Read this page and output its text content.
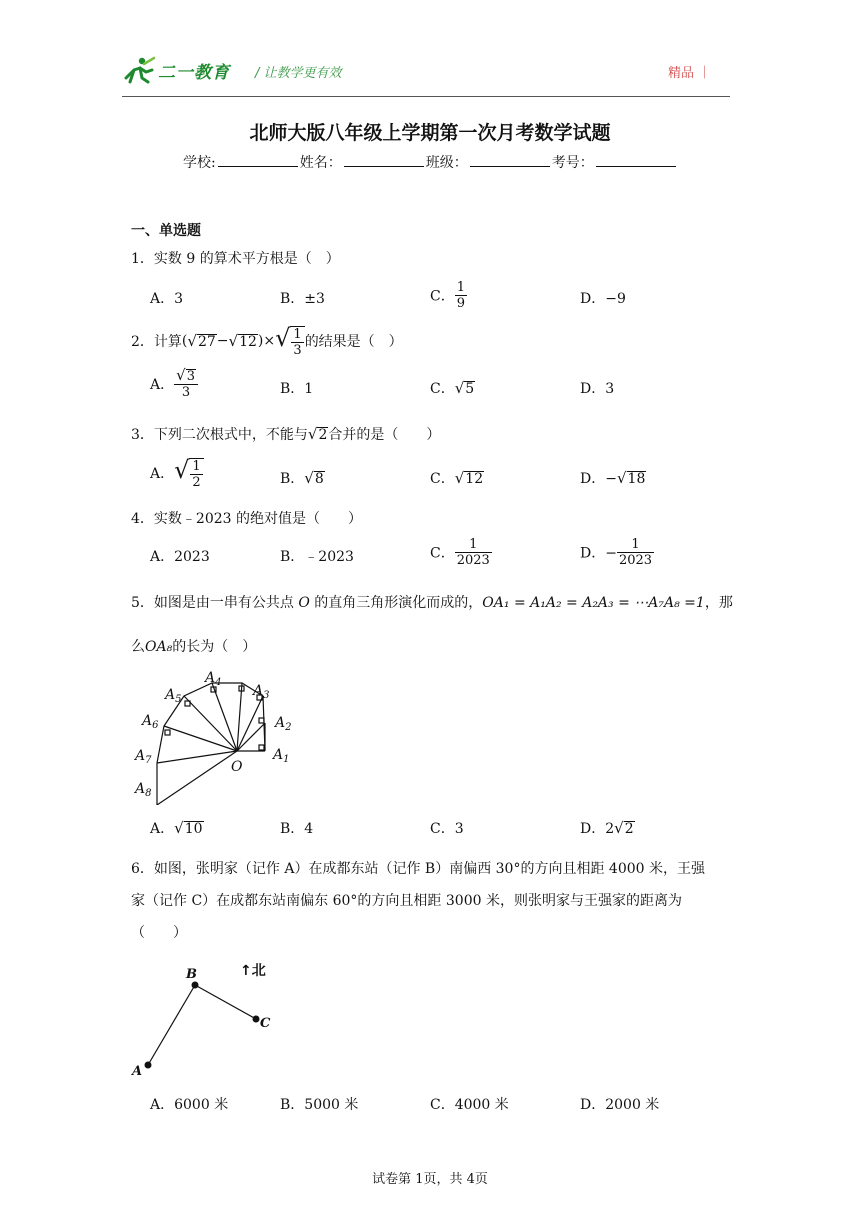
二一教育 / 让教学更有效	精品 ｜
北师大版八年级上学期第一次月考数学试题
学校:	姓名：	班级：	考号：
一、单选题
1．实数 9 的算术平方根是（　）
A．3	B．±3	C． $\frac{1}{9}$	D．−9
2．计算$(√27-√12)\times√ \frac{1}{3}$ 的结果是（　）
A． $\frac{√3}{3}$	B．1	C．√5	D．3
3．下列二次根式中，不能与√2合并的是（　　）
A．√ $\frac{1}{2}$	B．√8	C．√12	D．−√18
4．实数﹣2023 的绝对值是（　　）
A．2023	B．﹣2023	C． $\frac{1}{2023}$	D．− $\frac{1}{2023}$
5．如图是由一串有公共点 O 的直角三角形演化而成的，OA₁ = A₁A₂ = A₂A₃ = ⋯A₇A₈ =1，那
么OA₈的长为（　）
$A_4$
$A_5$
$A_3$
$A_6$	$A_2$
$A_7$	O
$A_1$
$A_8$
A．√10	B．4	C．3	D．2√2
6．如图，张明家（记作 A）在成都东站（记作 B）南偏西 30°的方向且相距 4000 米，王强
家（记作 C）在成都东站南偏东 60°的方向且相距 3000 米，则张明家与王强家的距离为
（　　）
B
C
A
↑北
A．6000 米	B．5000 米	C．4000 米	D．2000 米
试卷第 1页，共 4页
